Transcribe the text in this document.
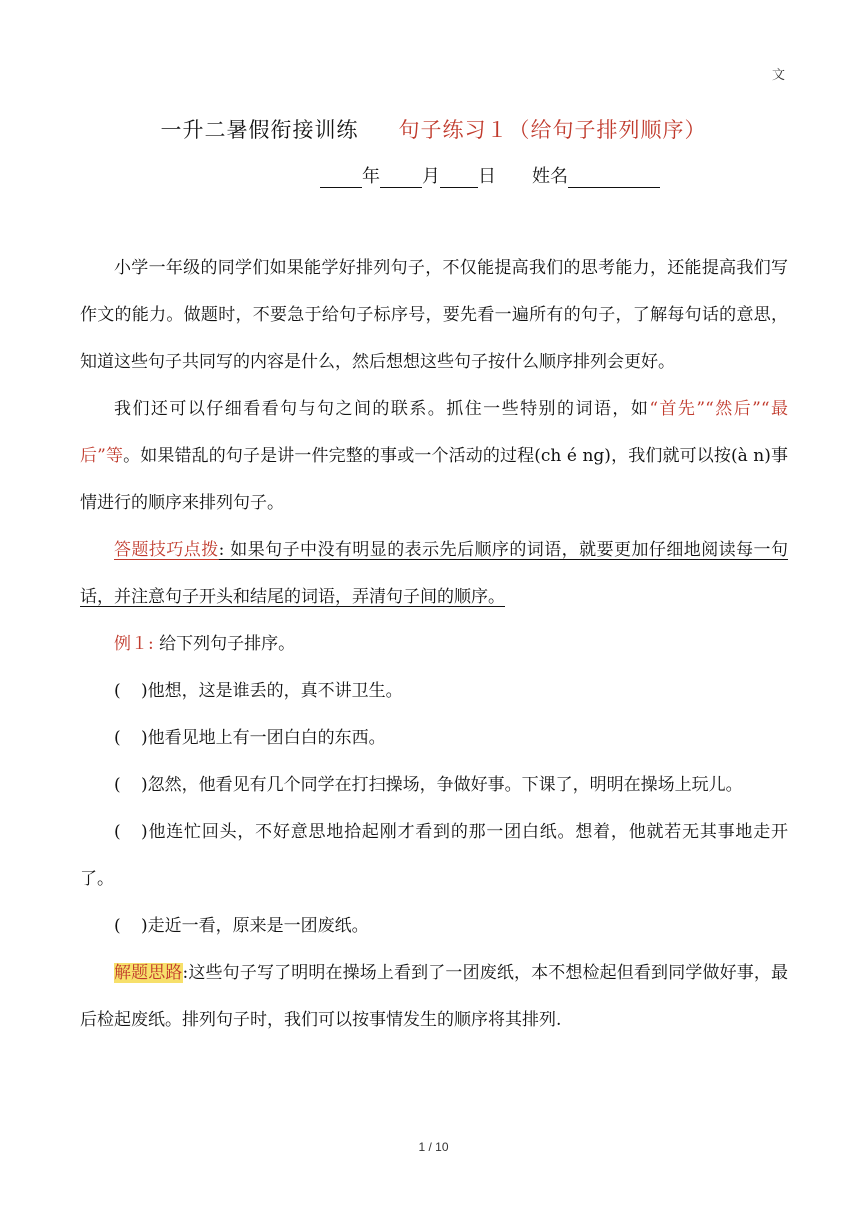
文
一升二暑假衔接训练 句子练习１（给句子排列顺序）
年 月 日 姓名

小学一年级的同学们如果能学好排列句子，不仅能提高我们的思考能力，还能提高我们写作文的能力。做题时，不要急于给句子标序号，要先看一遍所有的句子，了解每句话的意思，知道这些句子共同写的内容是什么，然后想想这些句子按什么顺序排列会更好。

我们还可以仔细看看句与句之间的联系。抓住一些特别的词语，如“首先”“然后”“最后”等。如果错乱的句子是讲一件完整的事或一个活动的过程(ch é ng)，我们就可以按(à n)事情进行的顺序来排列句子。

答题技巧点拨: 如果句子中没有明显的表示先后顺序的词语，就要更加仔细地阅读每一句话，并注意句子开头和结尾的词语，弄清句子间的顺序。

例１: 给下列句子排序。

( )他想，这是谁丢的，真不讲卫生。

( )他看见地上有一团白白的东西。

( )忽然，他看见有几个同学在打扫操场，争做好事。下课了，明明在操场上玩儿。

( )他连忙回头，不好意思地拾起刚才看到的那一团白纸。想着，他就若无其事地走开了。

( )走近一看，原来是一团废纸。

解题思路:这些句子写了明明在操场上看到了一团废纸，本不想检起但看到同学做好事，最后检起废纸。排列句子时，我们可以按事情发生的顺序将其排列.

1 / 10
